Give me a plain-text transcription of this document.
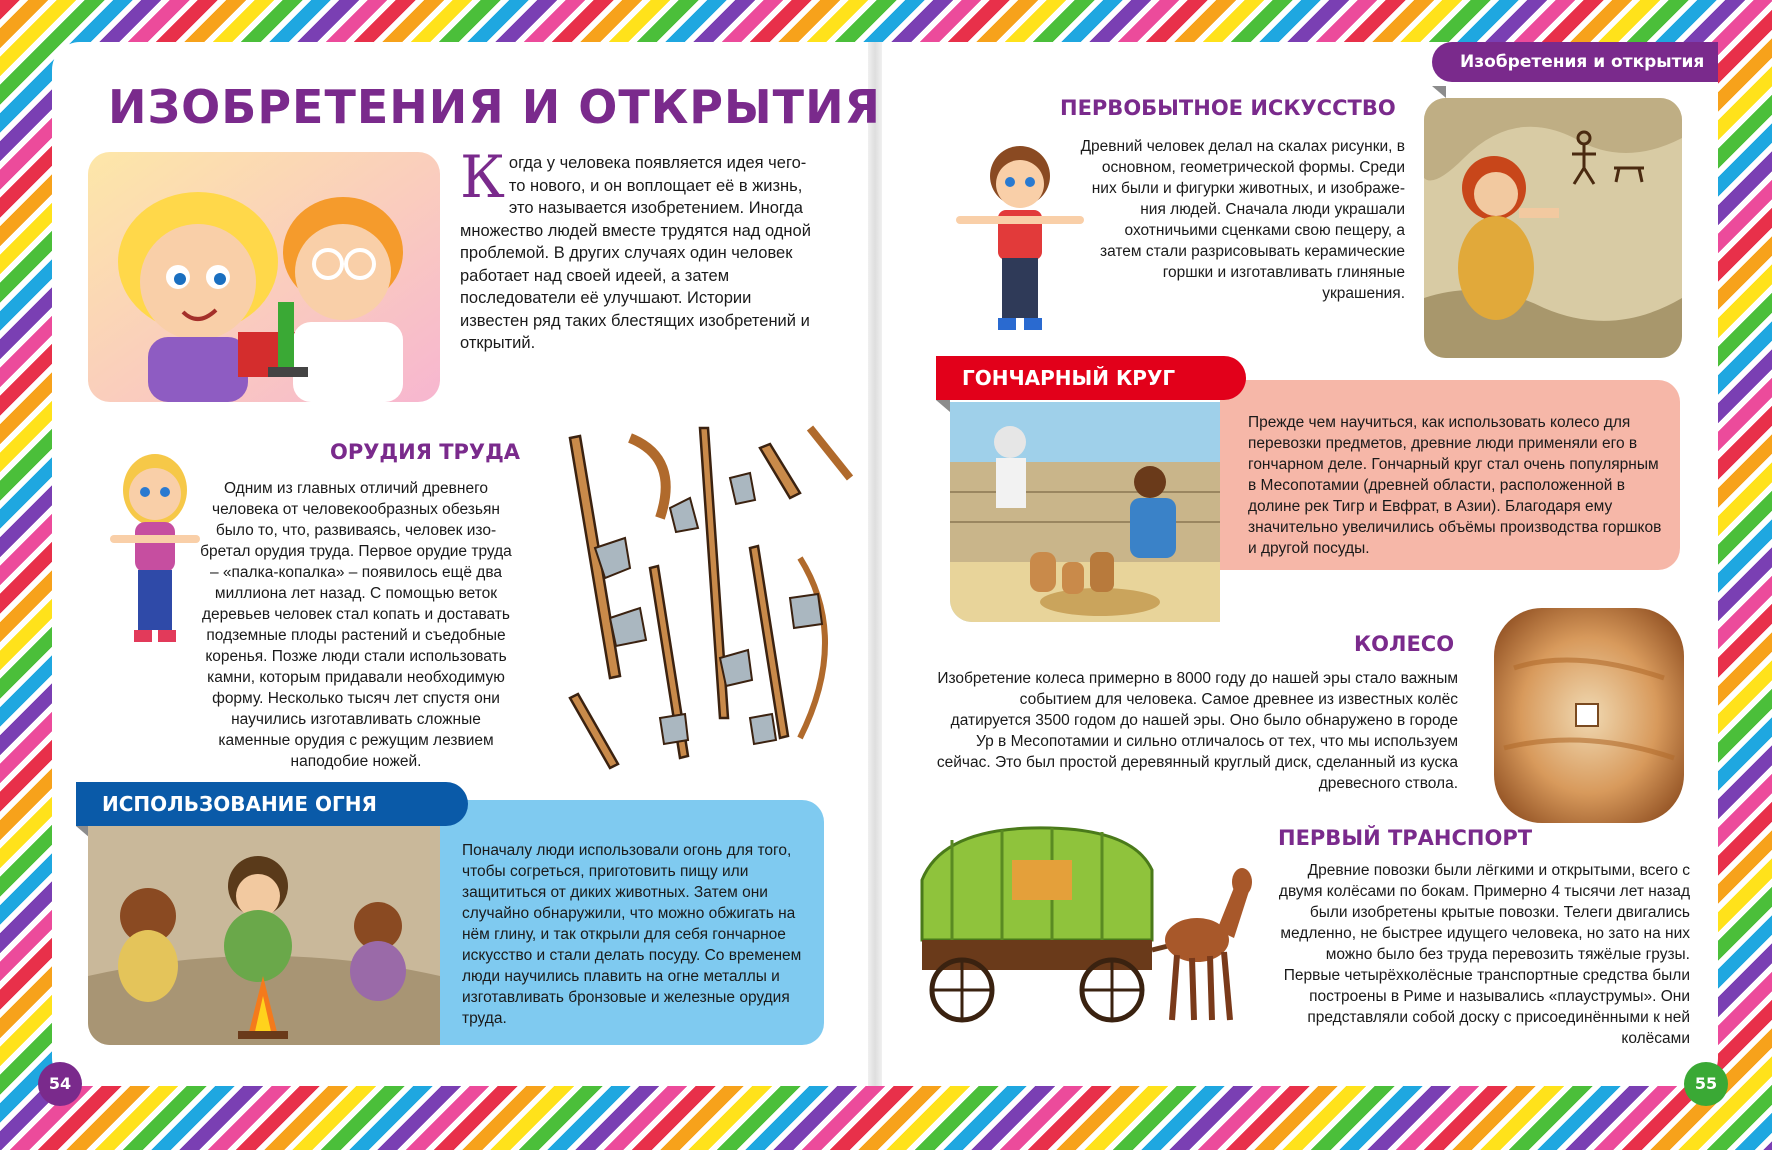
ИЗОБРЕТЕНИЯ И ОТКРЫТИЯ

Когда у человека появляется идея чего-то нового, и он воплощает её в жизнь, это называется изобретением. Иногда множество людей вместе трудятся над одной проблемой. В других случаях один человек работает над своей идеей, а затем последователи её улучшают. Истории известен ряд таких блестящих изобретений и открытий.

ОРУДИЯ ТРУДА

Одним из главных отличий древнего человека от человекообразных обезьян было то, что, развиваясь, человек изобретал орудия труда. Первое орудие труда – «палка-копалка» – появилось ещё два миллиона лет назад. С помощью веток деревьев человек стал копать и доставать подземные плоды растений и съедобные коренья. Позже люди стали использовать камни, которым придавали необходимую форму. Несколько тысяч лет спустя они научились изготавливать сложные каменные орудия с режущим лезвием наподобие ножей.

ИСПОЛЬЗОВАНИЕ ОГНЯ

Поначалу люди использовали огонь для того, чтобы согреться, приготовить пищу или защититься от диких животных. Затем они случайно обнаружили, что можно обжигать на нём глину, и так открыли для себя гончарное искусство и стали делать посуду. Со временем люди научились плавить на огне металлы и изготавливать бронзовые и железные орудия труда.

54
Изобретения и открытия
ПЕРВОБЫТНОЕ ИСКУССТВО

Древний человек делал на скалах рисунки, в основном, геометрической формы. Среди них были и фигурки животных, и изображения людей. Сначала люди украшали охотничьими сценками свою пещеру, а затем стали разрисовывать керамические горшки и изготавливать глиняные украшения.

ГОНЧАРНЫЙ КРУГ

Прежде чем научиться, как использовать колесо для перевозки предметов, древние люди применяли его в гончарном деле. Гончарный круг стал очень популярным в Месопотамии (древней области, расположенной в долине рек Тигр и Евфрат, в Азии). Благодаря ему значительно увеличились объёмы производства горшков и другой посуды.

КОЛЕСО

Изобретение колеса примерно в 8000 году до нашей эры стало важным событием для человека. Самое древнее из известных колёс датируется 3500 годом до нашей эры. Оно было обнаружено в городе Ур в Месопотамии и сильно отличалось от тех, что мы используем сейчас. Это был простой деревянный круглый диск, сделанный из куска древесного ствола.

ПЕРВЫЙ ТРАНСПОРТ

Древние повозки были лёгкими и открытыми, всего с двумя колёсами по бокам. Примерно 4 тысячи лет назад были изобретены крытые повозки. Телеги двигались медленно, не быстрее идущего человека, но зато на них можно было без труда перевозить тяжёлые грузы. Первые четырёхколёсные транспортные средства были построены в Риме и назывались «плауструмы». Они представляли собой доску с присоединёнными к ней колёсами

55
